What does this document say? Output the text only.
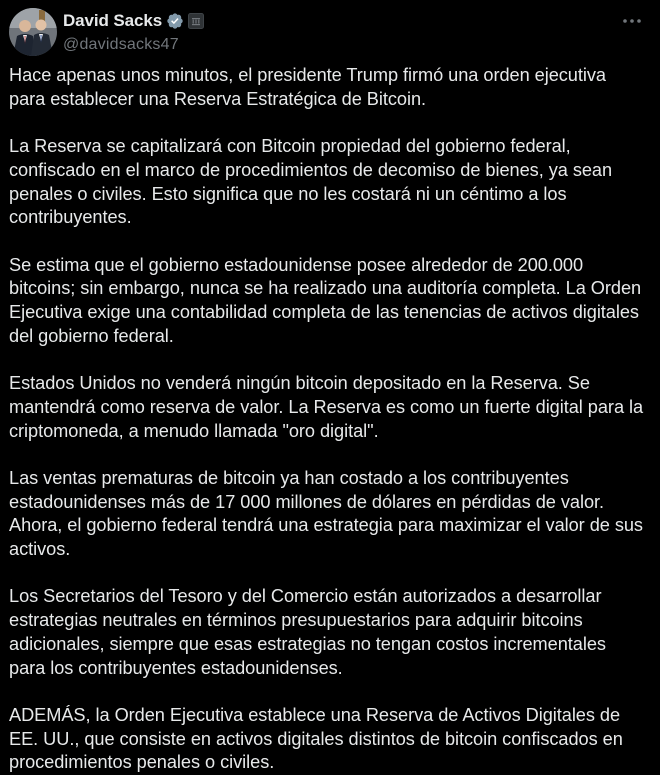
David Sacks
@davidsacks47

Hace apenas unos minutos, el presidente Trump firmó una orden ejecutiva para establecer una Reserva Estratégica de Bitcoin.

La Reserva se capitalizará con Bitcoin propiedad del gobierno federal, confiscado en el marco de procedimientos de decomiso de bienes, ya sean penales o civiles. Esto significa que no les costará ni un céntimo a los contribuyentes.

Se estima que el gobierno estadounidense posee alrededor de 200.000 bitcoins; sin embargo, nunca se ha realizado una auditoría completa. La Orden Ejecutiva exige una contabilidad completa de las tenencias de activos digitales del gobierno federal.

Estados Unidos no venderá ningún bitcoin depositado en la Reserva. Se mantendrá como reserva de valor. La Reserva es como un fuerte digital para la criptomoneda, a menudo llamada "oro digital".

Las ventas prematuras de bitcoin ya han costado a los contribuyentes estadounidenses más de 17 000 millones de dólares en pérdidas de valor. Ahora, el gobierno federal tendrá una estrategia para maximizar el valor de sus activos.

Los Secretarios del Tesoro y del Comercio están autorizados a desarrollar estrategias neutrales en términos presupuestarios para adquirir bitcoins adicionales, siempre que esas estrategias no tengan costos incrementales para los contribuyentes estadounidenses.

ADEMÁS, la Orden Ejecutiva establece una Reserva de Activos Digitales de EE. UU., que consiste en activos digitales distintos de bitcoin confiscados en procedimientos penales o civiles.
